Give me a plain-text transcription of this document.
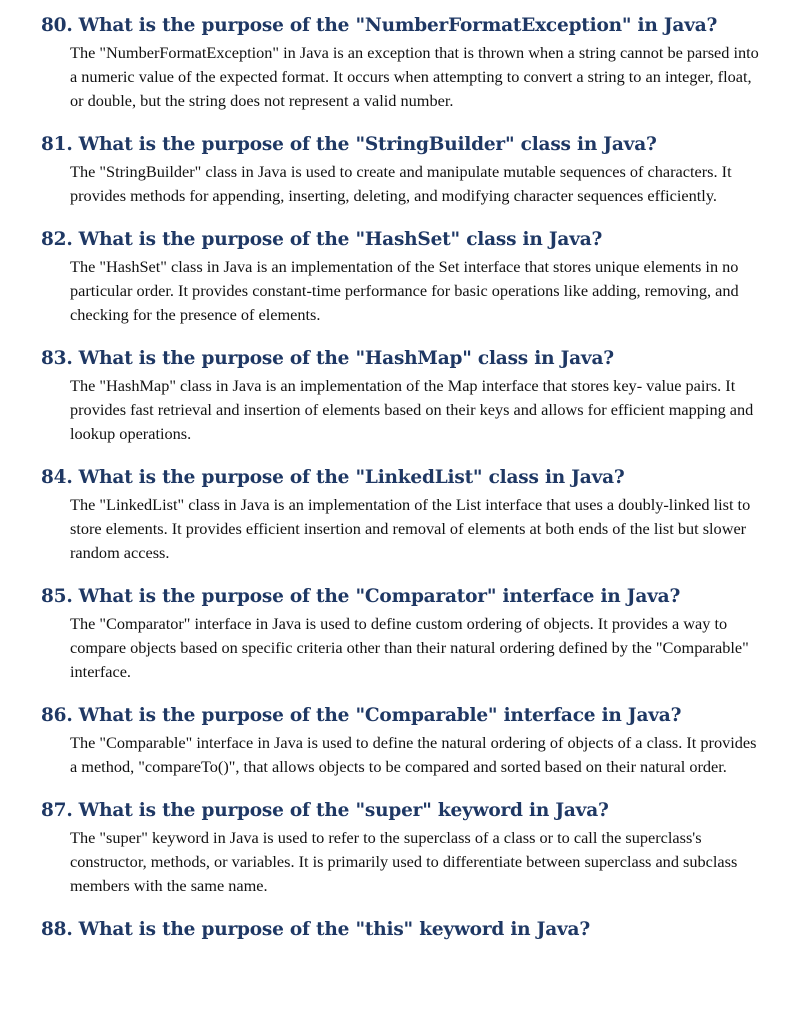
80. What is the purpose of the "NumberFormatException" in Java?

The "NumberFormatException" in Java is an exception that is thrown when a string cannot be parsed into a numeric value of the expected format. It occurs when attempting to convert a string to an integer, float, or double, but the string does not represent a valid number.

81. What is the purpose of the "StringBuilder" class in Java?

The "StringBuilder" class in Java is used to create and manipulate mutable sequences of characters. It provides methods for appending, inserting, deleting, and modifying character sequences efficiently.

82. What is the purpose of the "HashSet" class in Java?

The "HashSet" class in Java is an implementation of the Set interface that stores unique elements in no particular order. It provides constant-time performance for basic operations like adding, removing, and checking for the presence of elements.

83. What is the purpose of the "HashMap" class in Java?

The "HashMap" class in Java is an implementation of the Map interface that stores key- value pairs. It provides fast retrieval and insertion of elements based on their keys and allows for efficient mapping and lookup operations.

84. What is the purpose of the "LinkedList" class in Java?

The "LinkedList" class in Java is an implementation of the List interface that uses a doubly-linked list to store elements. It provides efficient insertion and removal of elements at both ends of the list but slower random access.

85. What is the purpose of the "Comparator" interface in Java?

The "Comparator" interface in Java is used to define custom ordering of objects. It provides a way to compare objects based on specific criteria other than their natural ordering defined by the "Comparable" interface.

86. What is the purpose of the "Comparable" interface in Java?

The "Comparable" interface in Java is used to define the natural ordering of objects of a class. It provides a method, "compareTo()", that allows objects to be compared and sorted based on their natural order.

87. What is the purpose of the "super" keyword in Java?

The "super" keyword in Java is used to refer to the superclass of a class or to call the superclass's constructor, methods, or variables. It is primarily used to differentiate between superclass and subclass members with the same name.

88. What is the purpose of the "this" keyword in Java?
